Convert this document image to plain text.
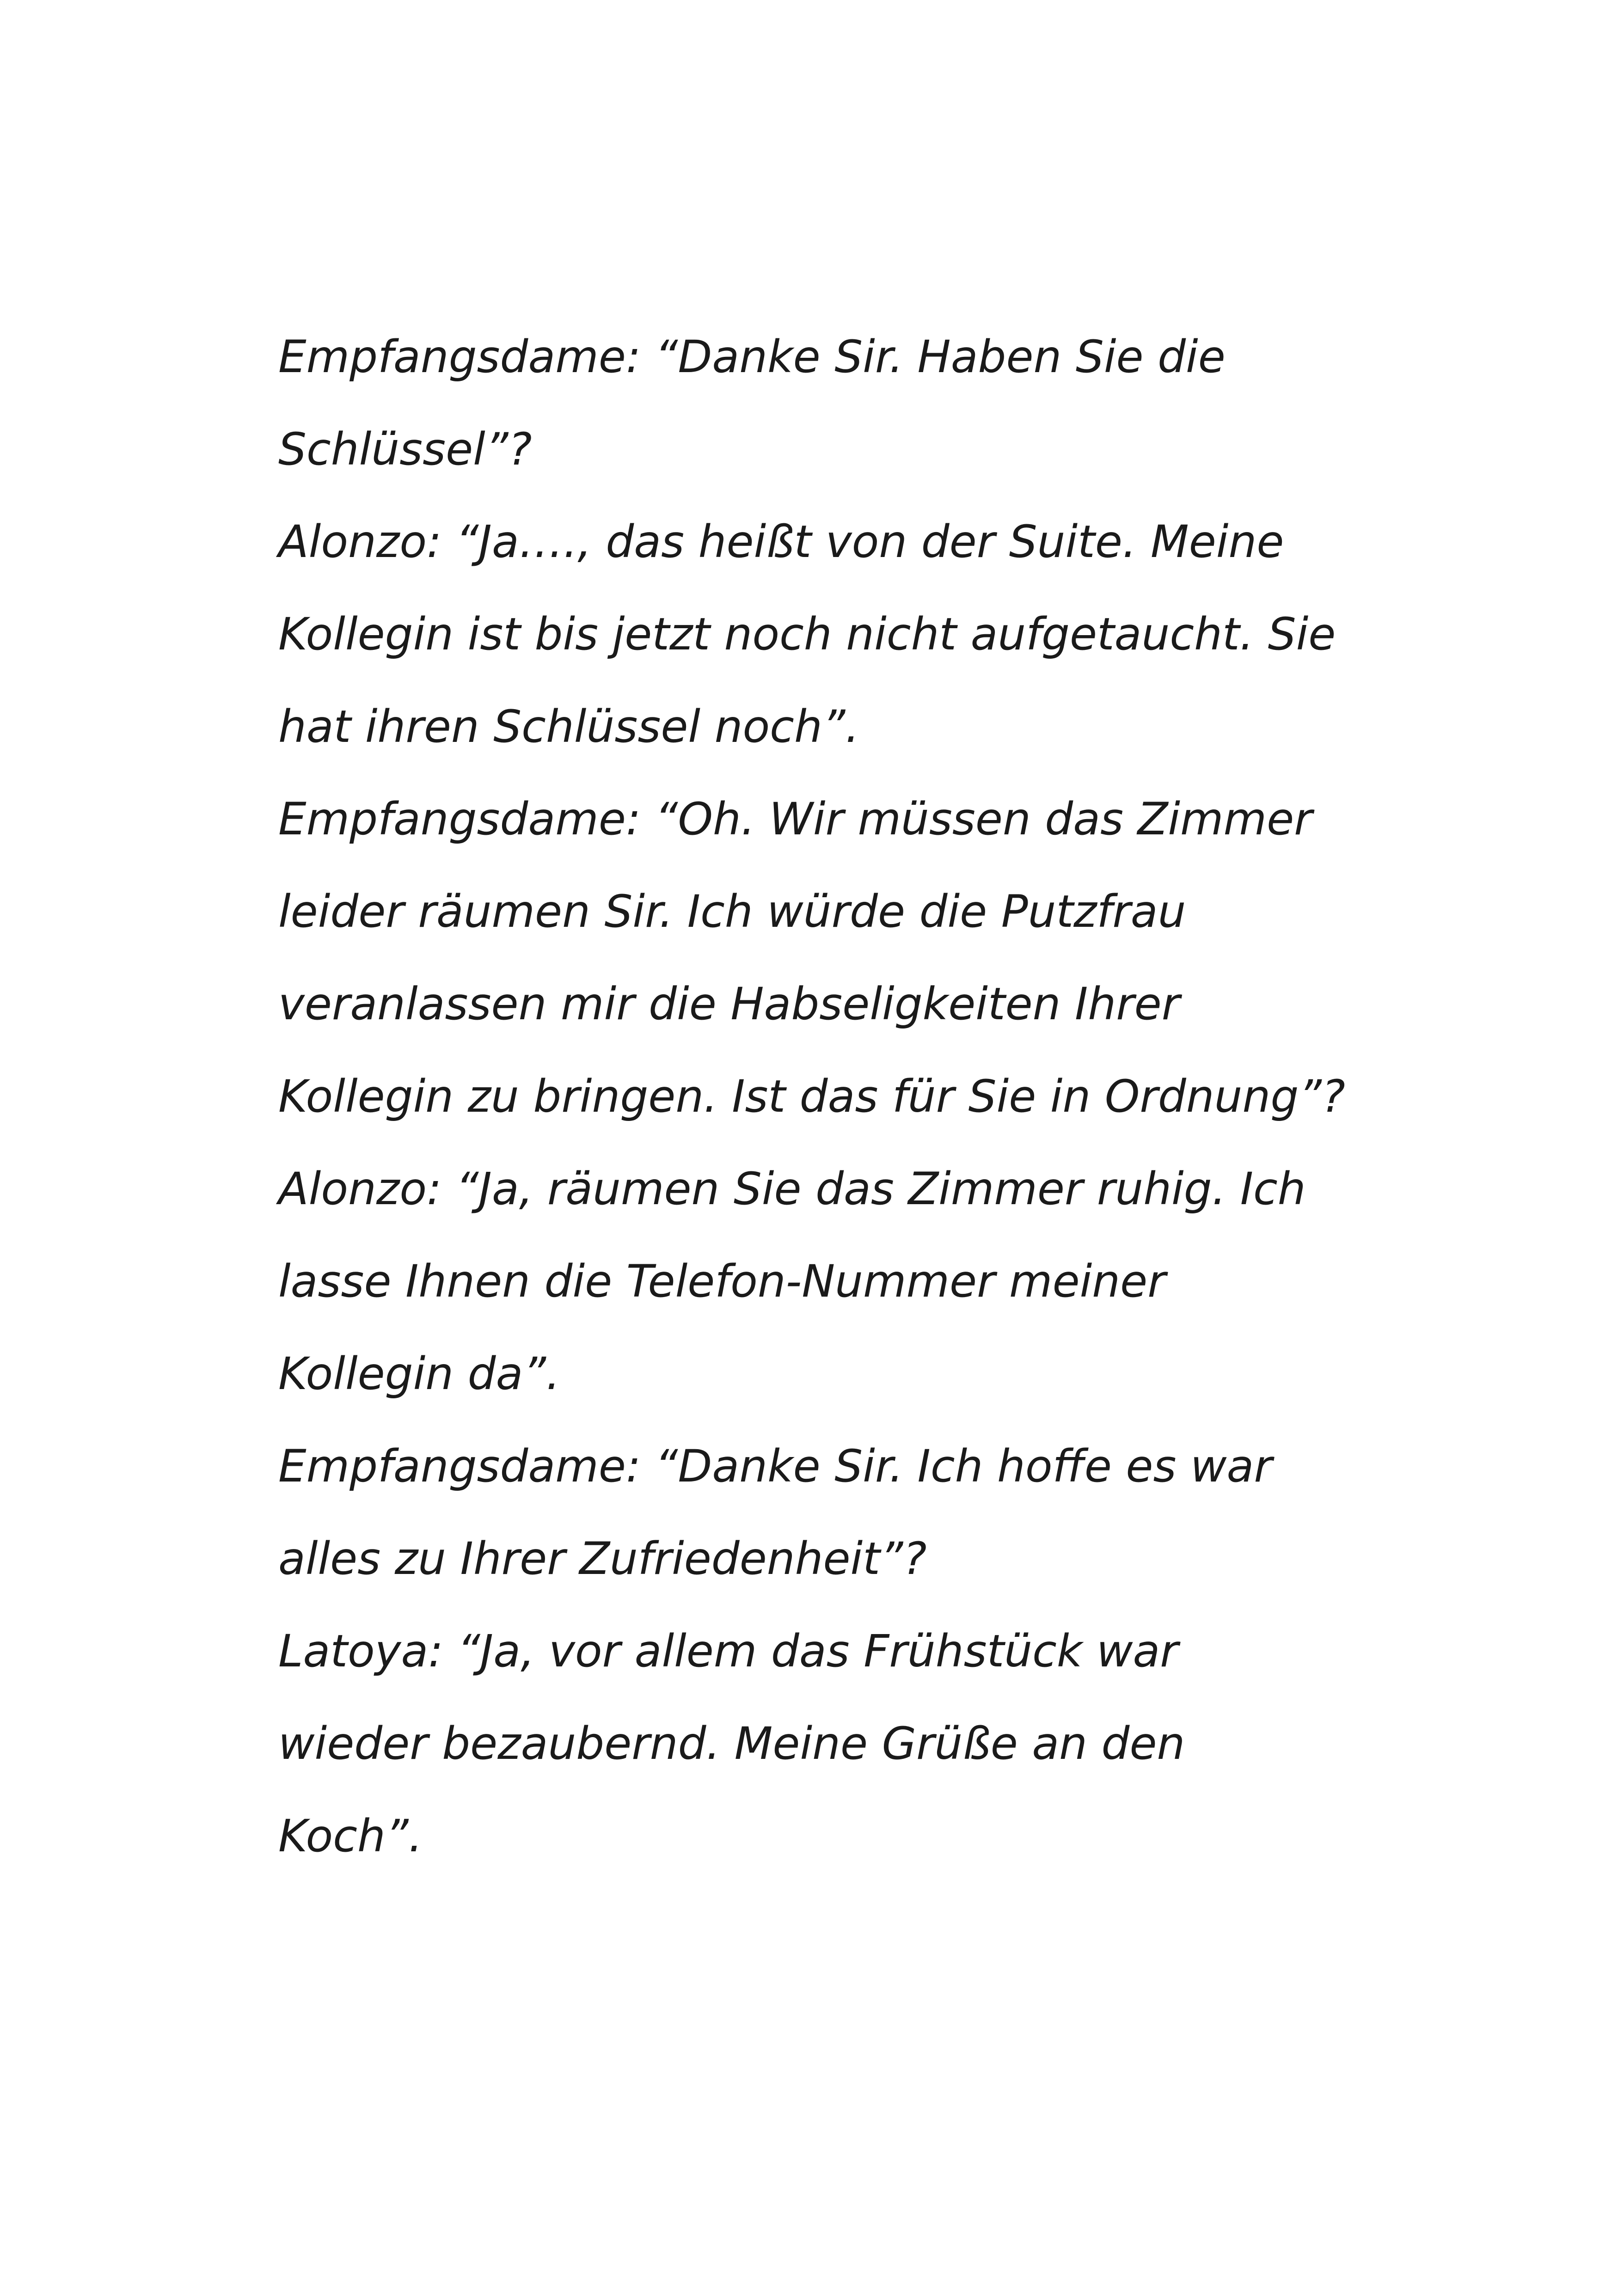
Empfangsdame: “Danke Sir. Haben Sie die
Schlüssel”?
Alonzo: “Ja…., das heißt von der Suite. Meine
Kollegin ist bis jetzt noch nicht aufgetaucht. Sie
hat ihren Schlüssel noch”.
Empfangsdame: “Oh. Wir müssen das Zimmer
leider räumen Sir. Ich würde die Putzfrau
veranlassen mir die Habseligkeiten Ihrer
Kollegin zu bringen. Ist das für Sie in Ordnung”?
Alonzo: “Ja, räumen Sie das Zimmer ruhig. Ich
lasse Ihnen die Telefon-Nummer meiner
Kollegin da”.
Empfangsdame: “Danke Sir. Ich hoffe es war
alles zu Ihrer Zufriedenheit”?
Latoya: “Ja, vor allem das Frühstück war
wieder bezaubernd. Meine Grüße an den
Koch”.
